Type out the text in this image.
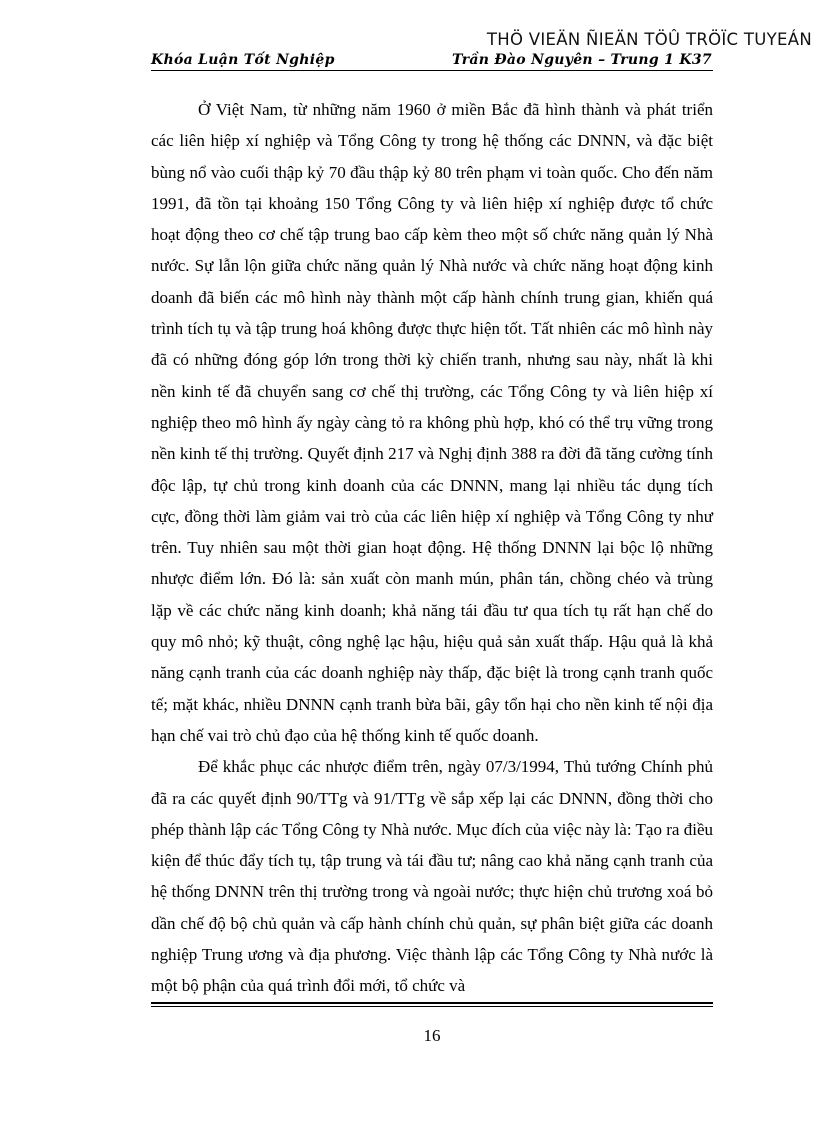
THÖ VIEÄN ÑIEÄN TÖÛ TRÖÏC TUYEÁN
Khóa Luận Tốt Nghiệp	Trần Đào Nguyên – Trung 1 K37

Ở Việt Nam, từ những năm 1960 ở miền Bắc đã hình thành và phát triển các liên hiệp xí nghiệp và Tổng Công ty trong hệ thống các DNNN, và đặc biệt bùng nổ vào cuối thập kỷ 70 đầu thập kỷ 80 trên phạm vi toàn quốc. Cho đến năm 1991, đã tồn tại khoảng 150 Tổng Công ty và liên hiệp xí nghiệp được tổ chức hoạt động theo cơ chế tập trung bao cấp kèm theo một số chức năng quản lý Nhà nước. Sự lẫn lộn giữa chức năng quản lý Nhà nước và chức năng hoạt động kinh doanh đã biến các mô hình này thành một cấp hành chính trung gian, khiến quá trình tích tụ và tập trung hoá không được thực hiện tốt. Tất nhiên các mô hình này đã có những đóng góp lớn trong thời kỳ chiến tranh, nhưng sau này, nhất là khi nền kinh tế đã chuyển sang cơ chế thị trường, các Tổng Công ty và liên hiệp xí nghiệp theo mô hình ấy ngày càng tỏ ra không phù hợp, khó có thể trụ vững trong nền kinh tế thị trường. Quyết định 217 và Nghị định 388 ra đời đã tăng cường tính độc lập, tự chủ trong kinh doanh của các DNNN, mang lại nhiều tác dụng tích cực, đồng thời làm giảm vai trò của các liên hiệp xí nghiệp và Tổng Công ty như trên. Tuy nhiên sau một thời gian hoạt động. Hệ thống DNNN lại bộc lộ những nhược điểm lớn. Đó là: sản xuất còn manh mún, phân tán, chồng chéo và trùng lặp về các chức năng kinh doanh; khả năng tái đầu tư qua tích tụ rất hạn chế do quy mô nhỏ; kỹ thuật, công nghệ lạc hậu, hiệu quả sản xuất thấp. Hậu quả là khả năng cạnh tranh của các doanh nghiệp này thấp, đặc biệt là trong cạnh tranh quốc tế; mặt khác, nhiều DNNN cạnh tranh bừa bãi, gây tổn hại cho nền kinh tế nội địa hạn chế vai trò chủ đạo của hệ thống kinh tế quốc doanh.

Để khắc phục các nhược điểm trên, ngày 07/3/1994, Thủ tướng Chính phủ đã ra các quyết định 90/TTg và 91/TTg về sắp xếp lại các DNNN, đồng thời cho phép thành lập các Tổng Công ty Nhà nước. Mục đích của việc này là: Tạo ra điều kiện để thúc đẩy tích tụ, tập trung và tái đầu tư; nâng cao khả năng cạnh tranh của hệ thống DNNN trên thị trường trong và ngoài nước; thực hiện chủ trương xoá bỏ dần chế độ bộ chủ quản và cấp hành chính chủ quản, sự phân biệt giữa các doanh nghiệp Trung ương và địa phương. Việc thành lập các Tổng Công ty Nhà nước là một bộ phận của quá trình đổi mới, tổ chức và

16
